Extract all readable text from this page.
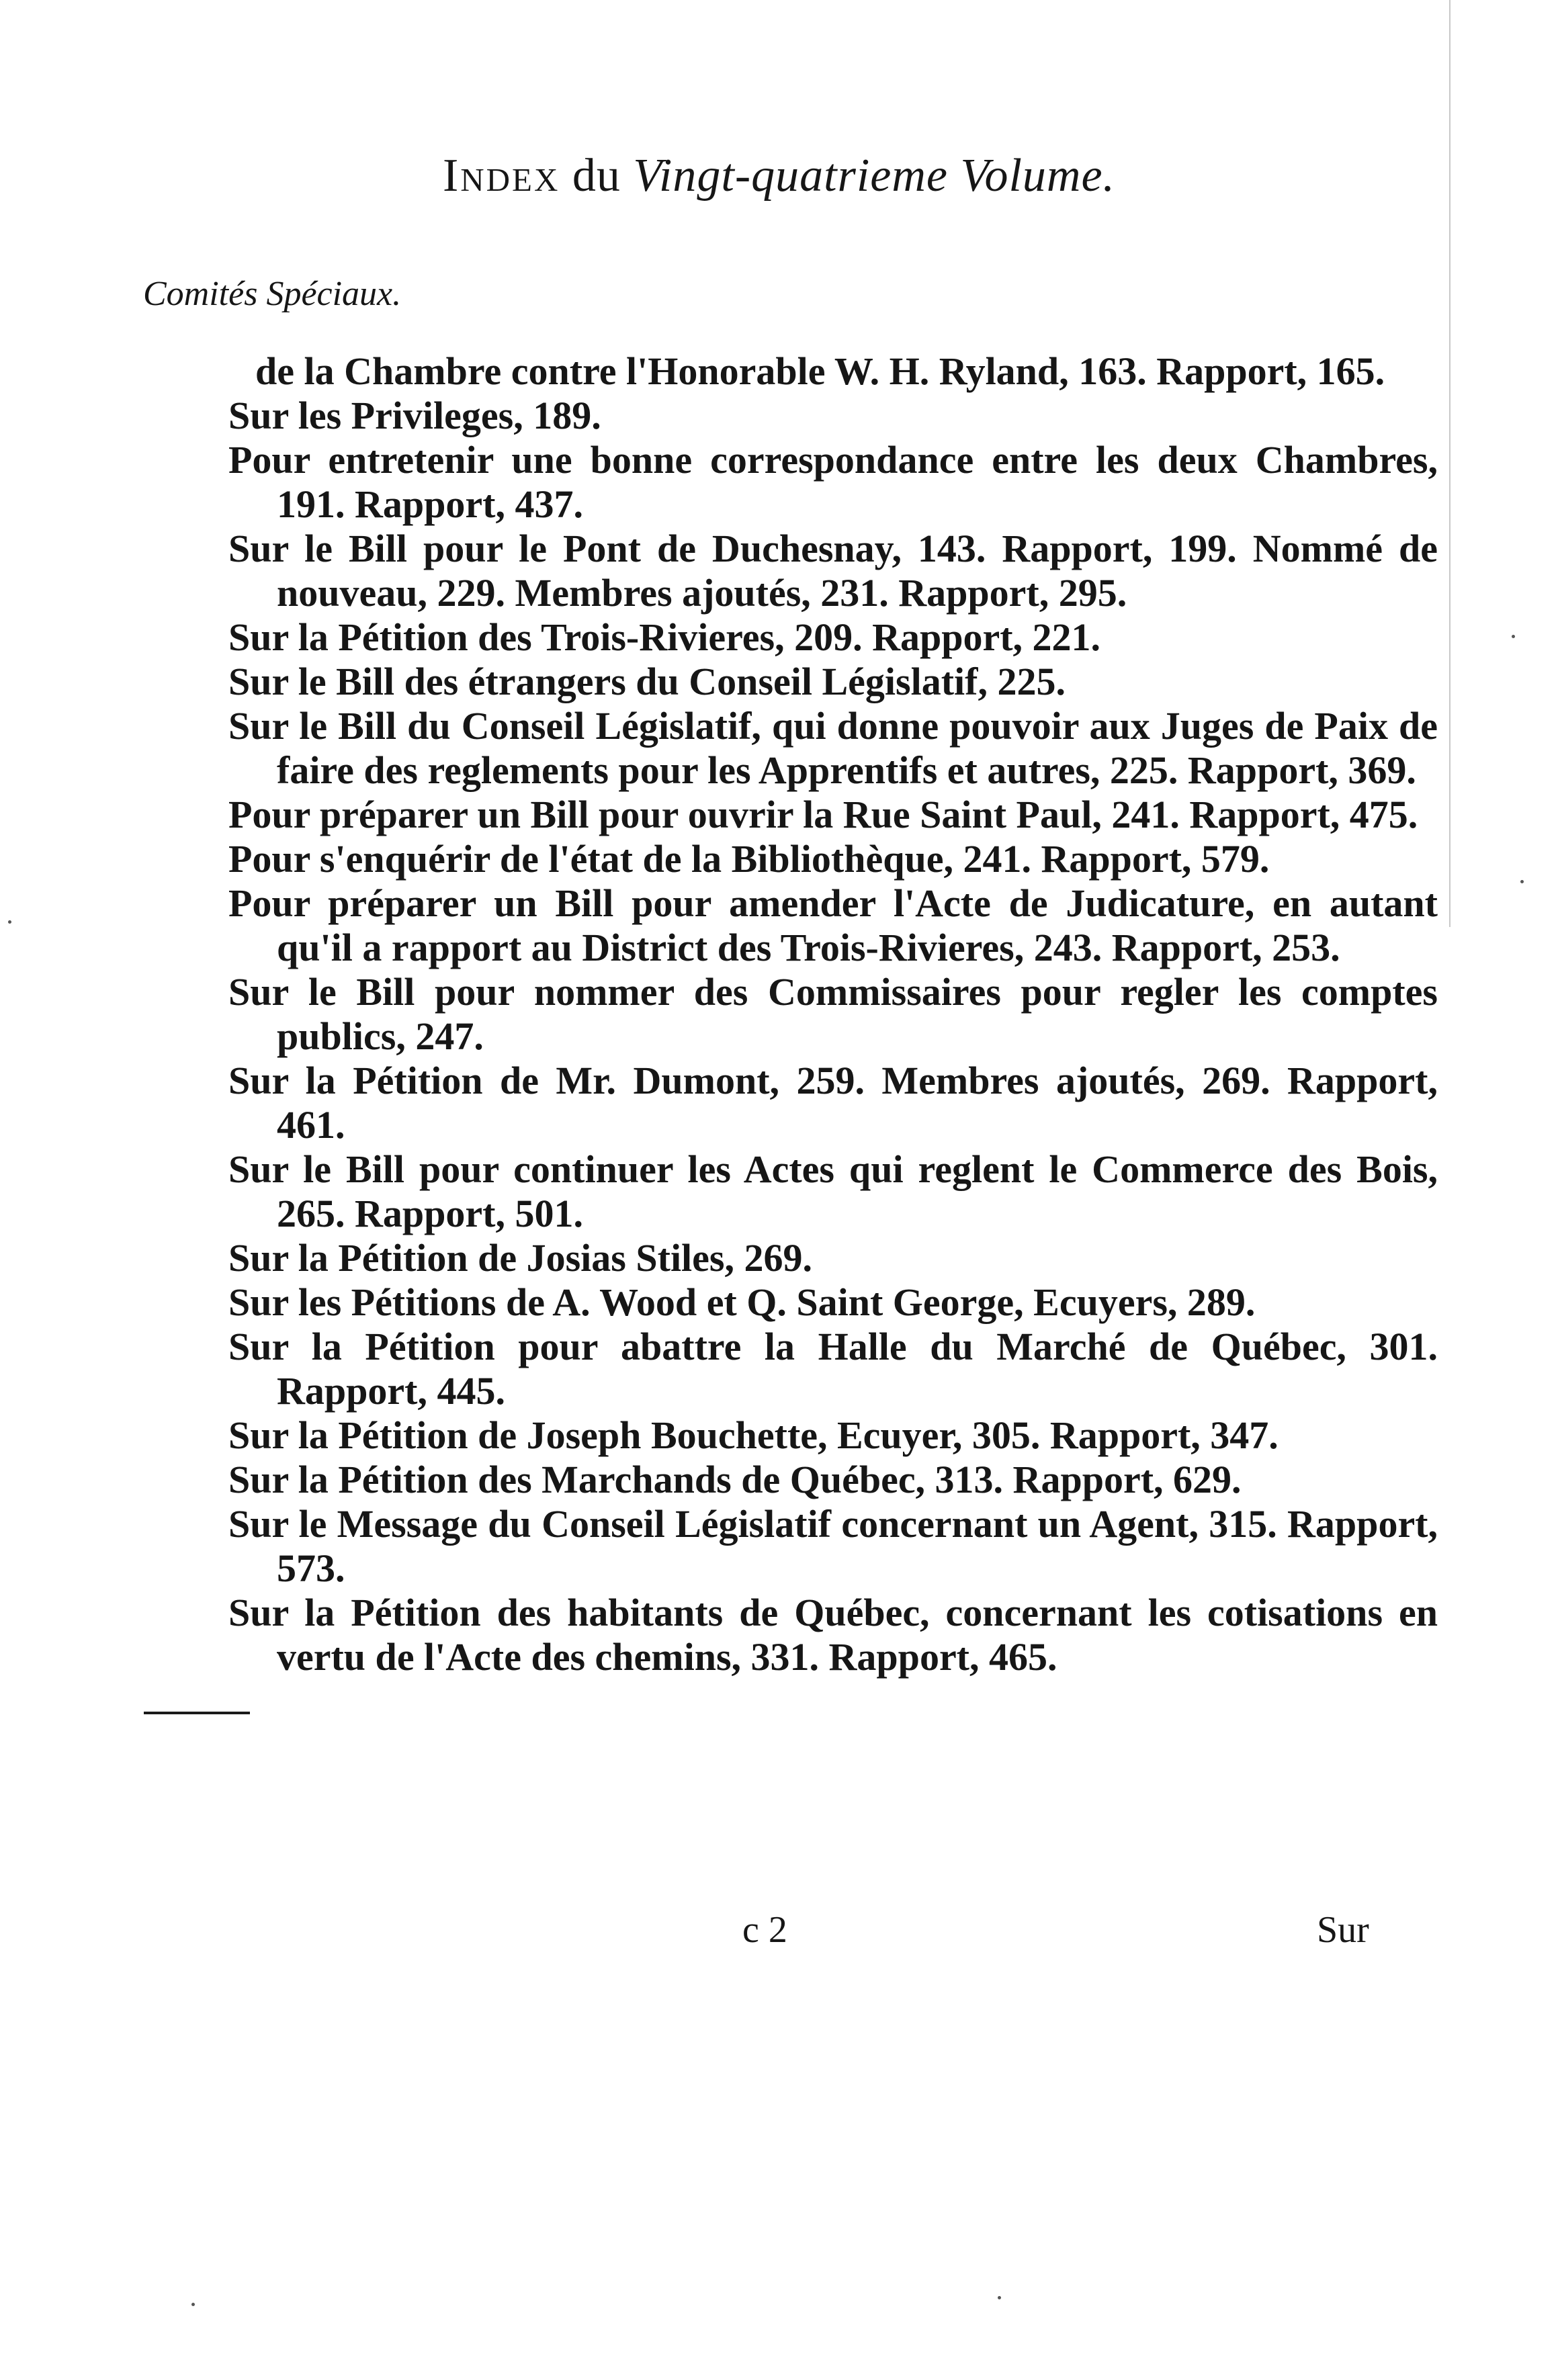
Index du Vingt-quatrieme Volume.
Comités Spéciaux.

de la Chambre contre l'Honorable W. H. Ryland, 163. Rapport, 165.

Sur les Privileges, 189.

Pour entretenir une bonne correspondance entre les deux Chambres, 191. Rapport, 437.

Sur le Bill pour le Pont de Duchesnay, 143. Rapport, 199. Nommé de nouveau, 229. Membres ajoutés, 231. Rapport, 295.

Sur la Pétition des Trois-Rivieres, 209. Rapport, 221.

Sur le Bill des étrangers du Conseil Législatif, 225.

Sur le Bill du Conseil Législatif, qui donne pouvoir aux Juges de Paix de faire des reglements pour les Apprentifs et autres, 225. Rapport, 369.

Pour préparer un Bill pour ouvrir la Rue Saint Paul, 241. Rapport, 475.

Pour s'enquérir de l'état de la Bibliothèque, 241. Rapport, 579.

Pour préparer un Bill pour amender l'Acte de Judicature, en autant qu'il a rapport au District des Trois-Rivieres, 243. Rapport, 253.

Sur le Bill pour nommer des Commissaires pour regler les comptes publics, 247.

Sur la Pétition de Mr. Dumont, 259. Membres ajoutés, 269. Rapport, 461.

Sur le Bill pour continuer les Actes qui reglent le Commerce des Bois, 265. Rapport, 501.

Sur la Pétition de Josias Stiles, 269.

Sur les Pétitions de A. Wood et Q. Saint George, Ecuyers, 289.

Sur la Pétition pour abattre la Halle du Marché de Québec, 301. Rapport, 445.

Sur la Pétition de Joseph Bouchette, Ecuyer, 305. Rapport, 347.

Sur la Pétition des Marchands de Québec, 313. Rapport, 629.

Sur le Message du Conseil Législatif concernant un Agent, 315. Rapport, 573.

Sur la Pétition des habitants de Québec, concernant les cotisations en vertu de l'Acte des chemins, 331. Rapport, 465.

c 2	Sur
